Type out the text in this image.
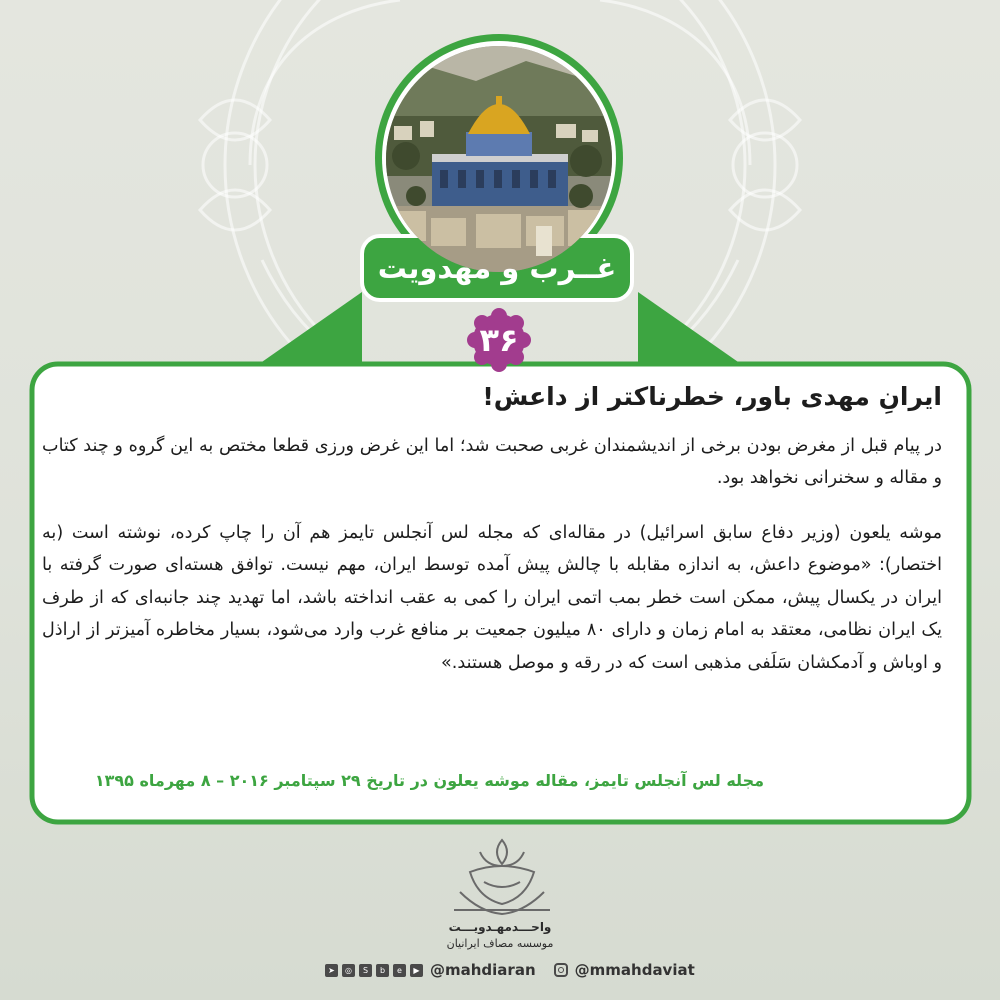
غــرب و مهدویت
۳۶
ایرانِ مهدی باور، خطرناکتر از داعش!
در پیام قبل از مغرض بودن برخی از اندیشمندان غربی صحبت شد؛ اما این غرض ورزی قطعا مختص به این گروه و چند کتاب و مقاله و سخنرانی نخواهد بود.
موشه یلعون (وزیر دفاع سابق اسرائیل) در مقاله‌ای که مجله لس آنجلس تایمز هم آن را چاپ کرده، نوشته است (به اختصار): «موضوع داعش، به اندازه مقابله با چالش پیش آمده توسط ایران، مهم نیست. توافق هسته‌ای صورت گرفته با ایران در یکسال پیش، ممکن است خطر بمب اتمی ایران را کمی به عقب انداخته باشد، اما تهدید چند جانبه‌ای که از طرف یک ایران نظامی، معتقد به امام زمان و دارای ۸۰ میلیون جمعیت بر منافع غرب وارد می‌شود، بسیار مخاطره آمیزتر از اراذل و اوباش و آدمکشان سَلَفی مذهبی است که در رقه و موصل هستند.»
مجله لس آنجلس تایمز، مقاله موشه یعلون در تاریخ ۲۹ سپتامبر ۲۰۱۶ – ۸ مهرماه ۱۳۹۵
واحـــد‌مهـدویـــت
موسسه مصاف ایرانیان
➤	◎	S	b	e	▶ @mahdiaran	@mmahdaviat
